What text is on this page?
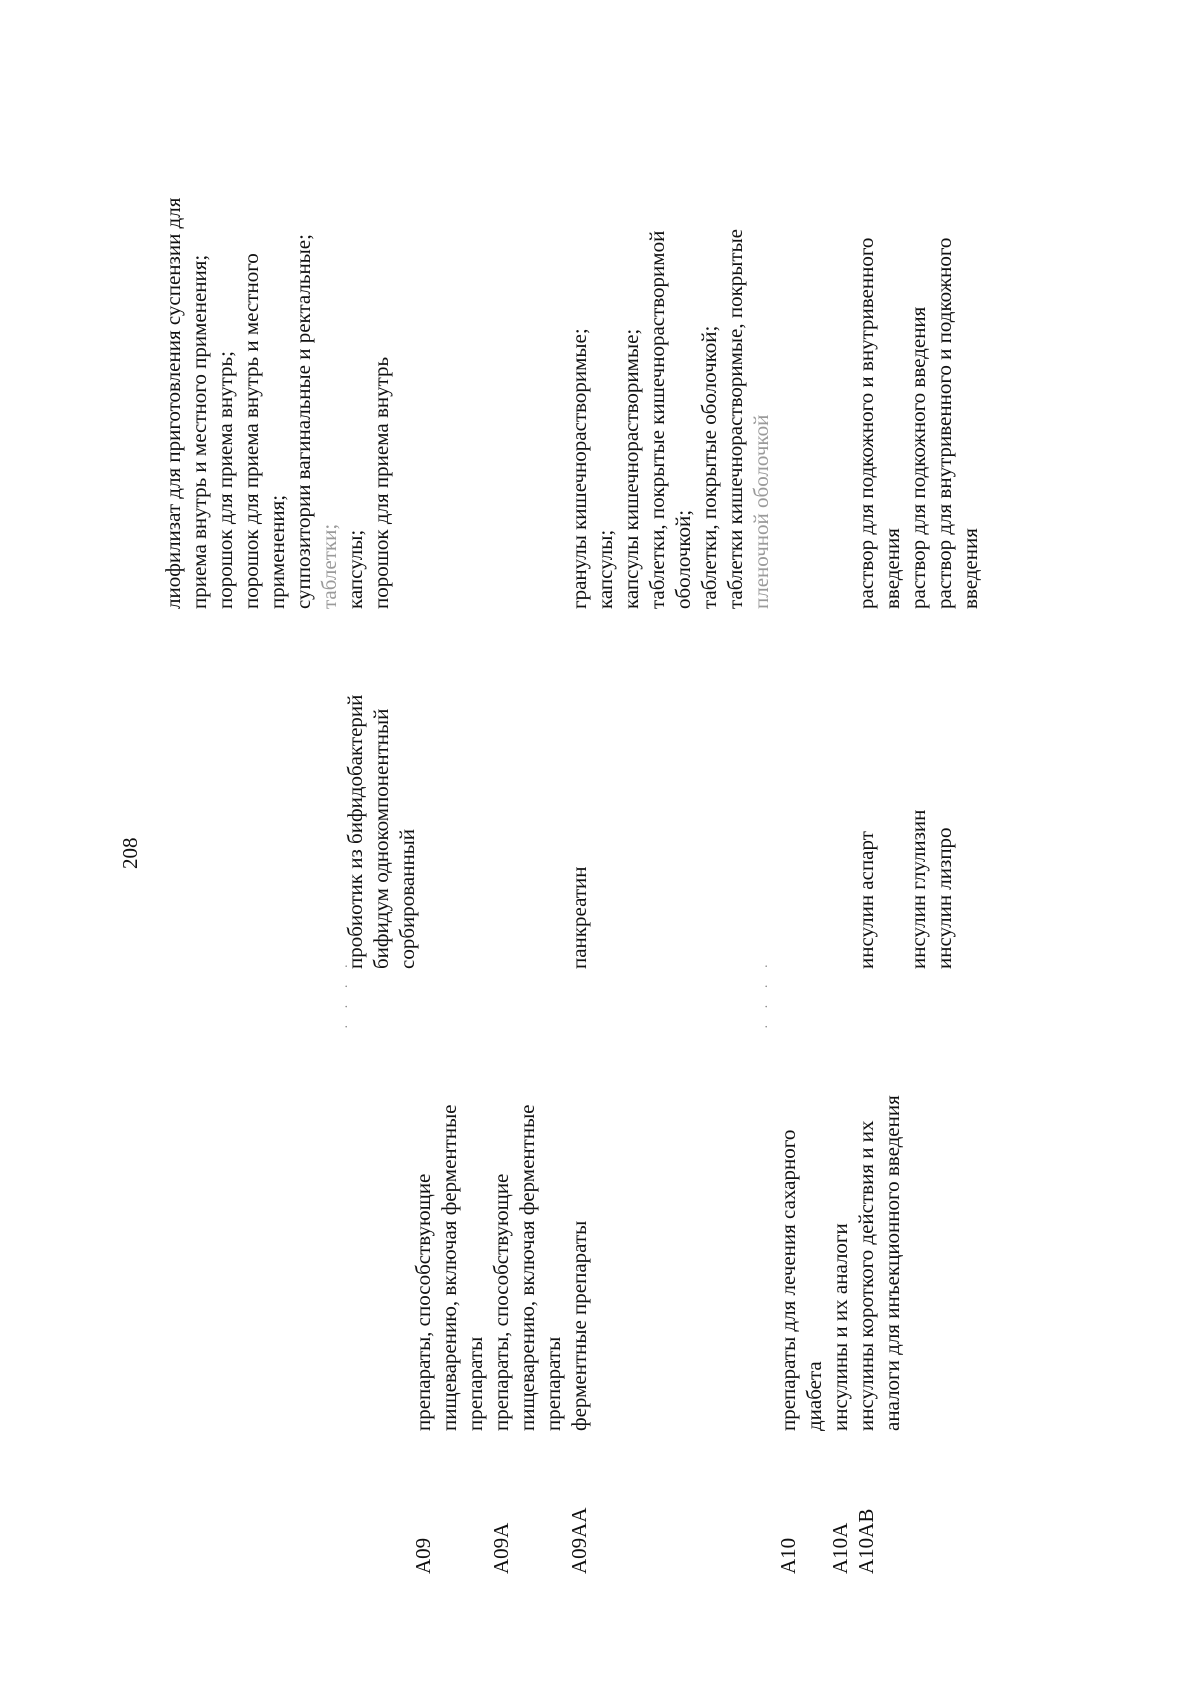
208	пробиотик из бифидобактерий бифидум однокомпонентный сорбированный
лиофилизат для приготовления суспензии для приема внутрь и местного применения; порошок для приема внутрь; порошок для приема внутрь и местного применения; суппозитории вагинальные и ректальные; таблетки; капсулы; порошок для приема внутрь
· · · ·	· · · ·
A09
препараты, способствующие пищеварению, включая ферментные препараты
A09A
препараты, способствующие пищеварению, включая ферментные препараты
A09AA
ферментные препараты
панкреатин
гранулы кишечнорастворимые; капсулы; капсулы кишечнорастворимые; таблетки, покрытые кишечнорастворимой оболочкой; таблетки, покрытые оболочкой; таблетки кишечнорастворимые, покрытые пленочной оболочкой
A10
препараты для лечения сахарного диабета
A10A
инсулины и их аналоги
A10AB
инсулины короткого действия и их аналоги для инъекционного введения
инсулин аспарт
инсулин глулизин инсулин лизпро
раствор для подкожного и внутривенного введения раствор для подкожного введения раствор для внутривенного и подкожного введения
